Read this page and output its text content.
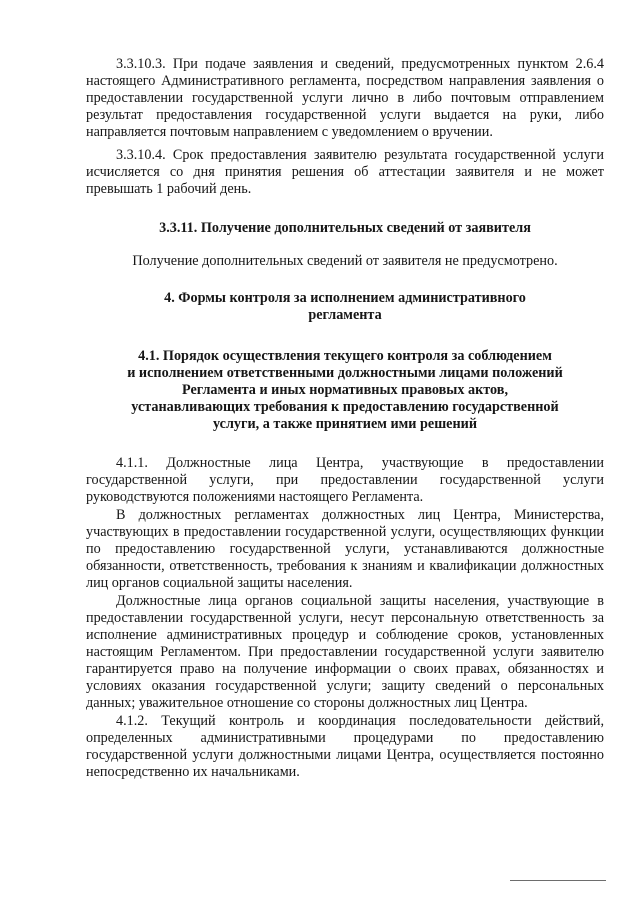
3.3.10.3. При подаче заявления и сведений, предусмотренных пунктом 2.6.4 настоящего Административного регламента, посредством направления заявления о предоставлении государственной услуги лично в либо почтовым отправлением результат предоставления государственной услуги выдается на руки, либо направляется почтовым направлением с уведомлением о вручении.

3.3.10.4. Срок предоставления заявителю результата государственной услуги исчисляется со дня принятия решения об аттестации заявителя и не может превышать 1 рабочий день.

3.3.11. Получение дополнительных сведений от заявителя

Получение дополнительных сведений от заявителя не предусмотрено.

4. Формы контроля за исполнением административного
регламента
4.1. Порядок осуществления текущего контроля за соблюдением
и исполнением ответственными должностными лицами положений
Регламента и иных нормативных правовых актов,
устанавливающих требования к предоставлению государственной
услуги, а также принятием ими решений

4.1.1. Должностные лица Центра, участвующие в предоставлении государственной услуги, при предоставлении государственной услуги руководствуются положениями настоящего Регламента.

В должностных регламентах должностных лиц Центра, Министерства, участвующих в предоставлении государственной услуги, осуществляющих функции по предоставлению государственной услуги, устанавливаются должностные обязанности, ответственность, требования к знаниям и квалификации должностных лиц органов социальной защиты населения.

Должностные лица органов социальной защиты населения, участвующие в предоставлении государственной услуги, несут персональную ответственность за исполнение административных процедур и соблюдение сроков, установленных настоящим Регламентом. При предоставлении государственной услуги заявителю гарантируется право на получение информации о своих правах, обязанностях и условиях оказания государственной услуги; защиту сведений о персональных данных; уважительное отношение со стороны должностных лиц Центра.

4.1.2. Текущий контроль и координация последовательности действий, определенных административными процедурами по предоставлению государственной услуги должностными лицами Центра, осуществляется постоянно непосредственно их начальниками.
